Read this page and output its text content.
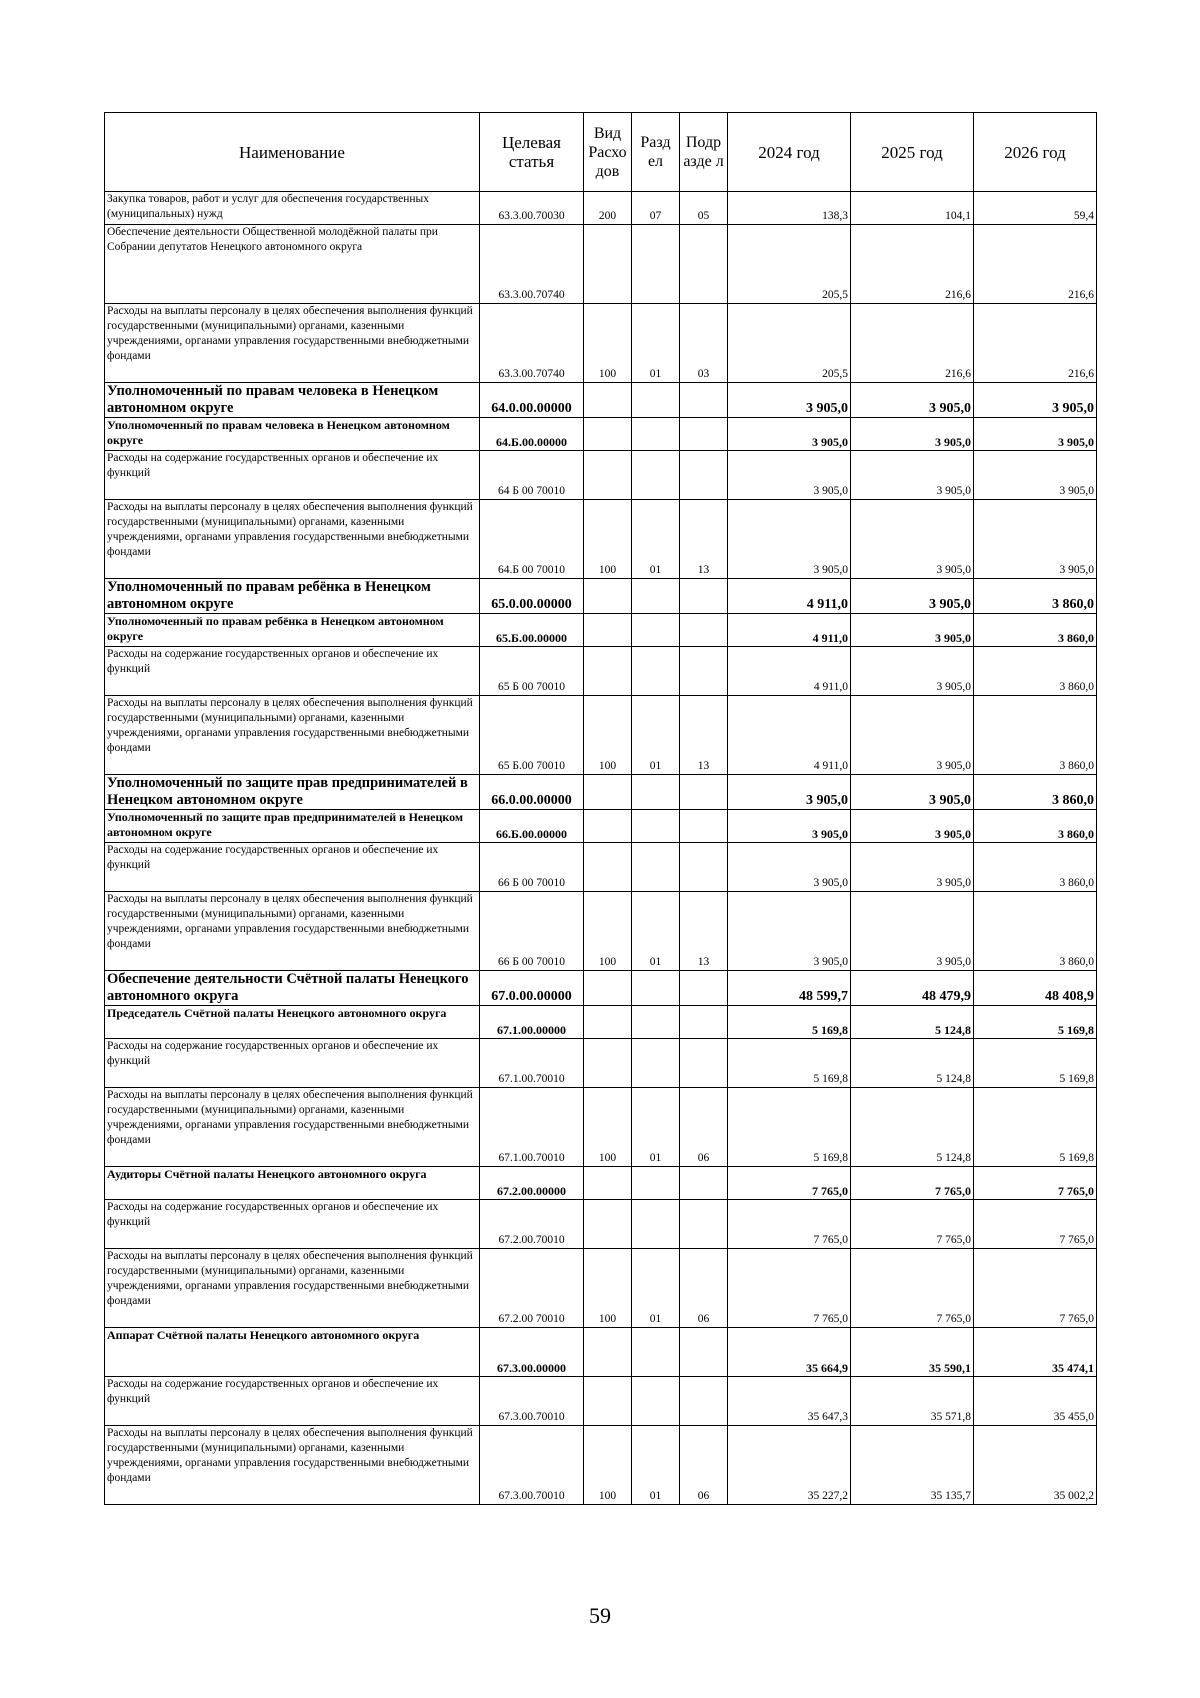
Наименование	Целевая статья	Вид Расхо дов	Разд ел	Подр азде л	2024 год	2025 год	2026 год
Закупка товаров, работ и услуг для обеспечения государственных (муниципальных) нужд	63.3.00.70030	200	07	05	138,3	104,1	59,4
Обеспечение деятельности Общественной молодёжной палаты при Собрании депутатов Ненецкого автономного округа	63.3.00.70740				205,5	216,6	216,6
Расходы на выплаты персоналу в целях обеспечения выполнения функций государственными (муниципальными) органами, казенными учреждениями, органами управления государственными внебюджетными фондами	63.3.00.70740	100	01	03	205,5	216,6	216,6
Уполномоченный по правам человека в Ненецком автономном округе	64.0.00.00000				3 905,0	3 905,0	3 905,0
Уполномоченный по правам человека в Ненецком автономном округе	64.Б.00.00000				3 905,0	3 905,0	3 905,0
Расходы на содержание государственных органов и обеспечение их функций	64 Б 00 70010				3 905,0	3 905,0	3 905,0
Расходы на выплаты персоналу в целях обеспечения выполнения функций государственными (муниципальными) органами, казенными учреждениями, органами управления государственными внебюджетными фондами	64.Б 00 70010	100	01	13	3 905,0	3 905,0	3 905,0
Уполномоченный по правам ребёнка в Ненецком автономном округе	65.0.00.00000				4 911,0	3 905,0	3 860,0
Уполномоченный по правам ребёнка в Ненецком автономном округе	65.Б.00.00000				4 911,0	3 905,0	3 860,0
Расходы на содержание государственных органов и обеспечение их функций	65 Б 00 70010				4 911,0	3 905,0	3 860,0
Расходы на выплаты персоналу в целях обеспечения выполнения функций государственными (муниципальными) органами, казенными учреждениями, органами управления государственными внебюджетными фондами	65 Б.00 70010	100	01	13	4 911,0	3 905,0	3 860,0
Уполномоченный по защите прав предпринимателей в Ненецком автономном округе	66.0.00.00000				3 905,0	3 905,0	3 860,0
Уполномоченный по защите прав предпринимателей в Ненецком автономном округе	66.Б.00.00000				3 905,0	3 905,0	3 860,0
Расходы на содержание государственных органов и обеспечение их функций	66 Б 00 70010				3 905,0	3 905,0	3 860,0
Расходы на выплаты персоналу в целях обеспечения выполнения функций государственными (муниципальными) органами, казенными учреждениями, органами управления государственными внебюджетными фондами	66 Б 00 70010	100	01	13	3 905,0	3 905,0	3 860,0
Обеспечение деятельности Счётной палаты Ненецкого автономного округа	67.0.00.00000				48 599,7	48 479,9	48 408,9
Председатель Счётной палаты Ненецкого автономного округа	67.1.00.00000				5 169,8	5 124,8	5 169,8
Расходы на содержание государственных органов и обеспечение их функций	67.1.00.70010				5 169,8	5 124,8	5 169,8
Расходы на выплаты персоналу в целях обеспечения выполнения функций государственными (муниципальными) органами, казенными учреждениями, органами управления государственными внебюджетными фондами	67.1.00.70010	100	01	06	5 169,8	5 124,8	5 169,8
Аудиторы Счётной палаты Ненецкого автономного округа	67.2.00.00000				7 765,0	7 765,0	7 765,0
Расходы на содержание государственных органов и обеспечение их функций	67.2.00.70010				7 765,0	7 765,0	7 765,0
Расходы на выплаты персоналу в целях обеспечения выполнения функций государственными (муниципальными) органами, казенными учреждениями, органами управления государственными внебюджетными фондами	67.2.00 70010	100	01	06	7 765,0	7 765,0	7 765,0
Аппарат Счётной палаты Ненецкого автономного округа	67.3.00.00000				35 664,9	35 590,1	35 474,1
Расходы на содержание государственных органов и обеспечение их функций	67.3.00.70010				35 647,3	35 571,8	35 455,0
Расходы на выплаты персоналу в целях обеспечения выполнения функций государственными (муниципальными) органами, казенными учреждениями, органами управления государственными внебюджетными фондами	67.3.00.70010	100	01	06	35 227,2	35 135,7	35 002,2
59
